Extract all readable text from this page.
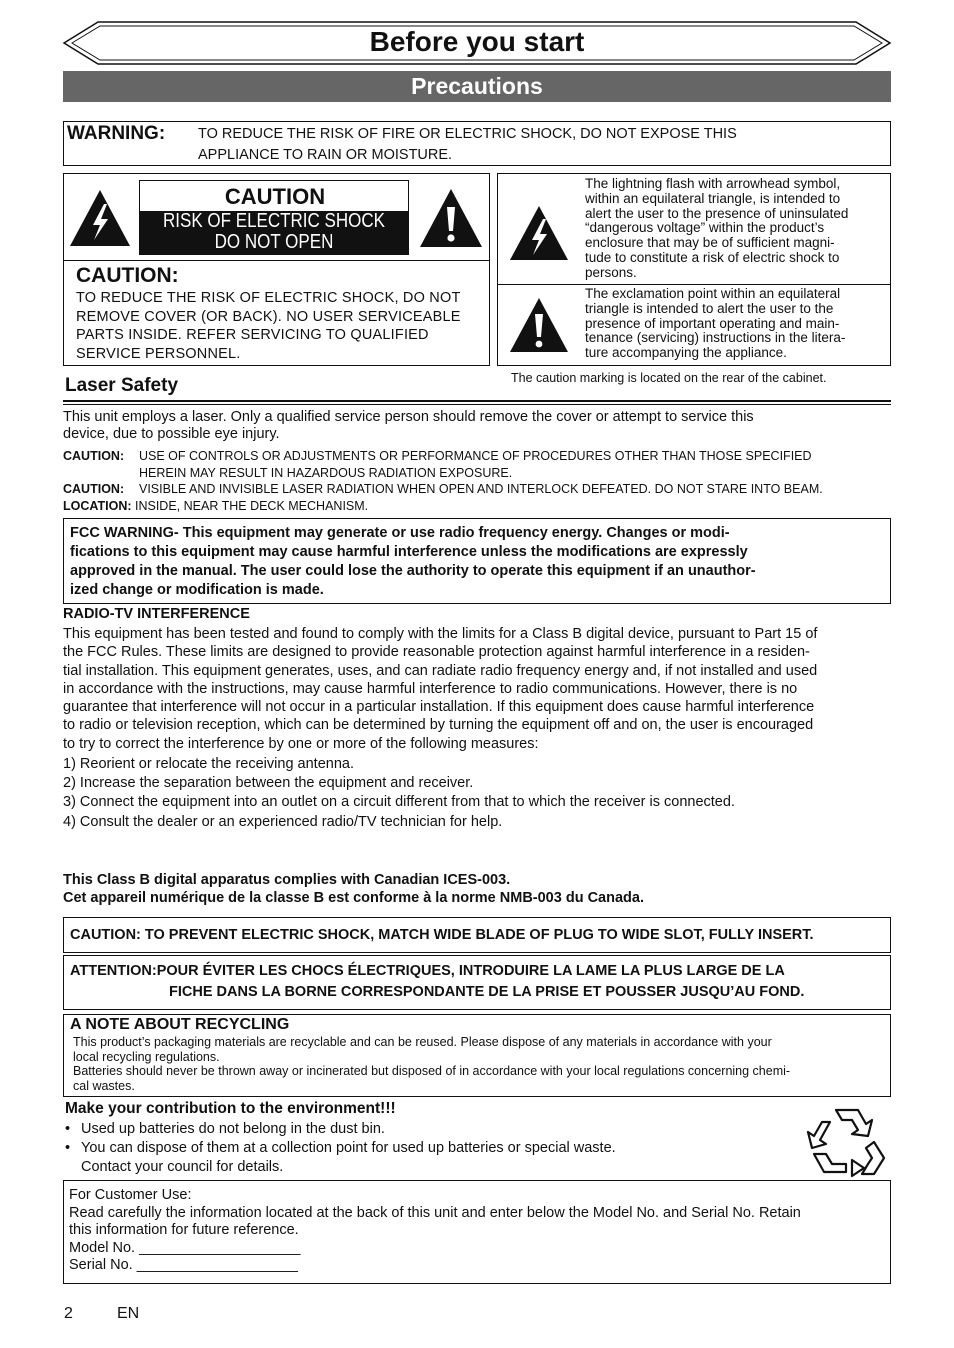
Before you start
Precautions
WARNING: TO REDUCE THE RISK OF FIRE OR ELECTRIC SHOCK, DO NOT EXPOSE THIS
APPLIANCE TO RAIN OR MOISTURE.
CAUTION
RISK OF ELECTRIC SHOCK
DO NOT OPEN
CAUTION:
TO REDUCE THE RISK OF ELECTRIC SHOCK, DO NOT
REMOVE COVER (OR BACK). NO USER SERVICEABLE
PARTS INSIDE. REFER SERVICING TO QUALIFIED
SERVICE PERSONNEL.
The lightning flash with arrowhead symbol,
within an equilateral triangle, is intended to
alert the user to the presence of uninsulated
“dangerous voltage” within the product’s
enclosure that may be of sufficient magni-
tude to constitute a risk of electric shock to
persons.
The exclamation point within an equilateral
triangle is intended to alert the user to the
presence of important operating and main-
tenance (servicing) instructions in the litera-
ture accompanying the appliance.
Laser Safety	The caution marking is located on the rear of the cabinet.
This unit employs a laser. Only a qualified service person should remove the cover or attempt to service this
device, due to possible eye injury.
CAUTION: USE OF CONTROLS OR ADJUSTMENTS OR PERFORMANCE OF PROCEDURES OTHER THAN THOSE SPECIFIED
HEREIN MAY RESULT IN HAZARDOUS RADIATION EXPOSURE.
CAUTION: VISIBLE AND INVISIBLE LASER RADIATION WHEN OPEN AND INTERLOCK DEFEATED. DO NOT STARE INTO BEAM.
LOCATION: INSIDE, NEAR THE DECK MECHANISM.
FCC WARNING- This equipment may generate or use radio frequency energy. Changes or modi-
fications to this equipment may cause harmful interference unless the modifications are expressly
approved in the manual. The user could lose the authority to operate this equipment if an unauthor-
ized change or modification is made.
RADIO-TV INTERFERENCE
This equipment has been tested and found to comply with the limits for a Class B digital device, pursuant to Part 15 of
the FCC Rules. These limits are designed to provide reasonable protection against harmful interference in a residen-
tial installation. This equipment generates, uses, and can radiate radio frequency energy and, if not installed and used
in accordance with the instructions, may cause harmful interference to radio communications. However, there is no
guarantee that interference will not occur in a particular installation. If this equipment does cause harmful interference
to radio or television reception, which can be determined by turning the equipment off and on, the user is encouraged
to try to correct the interference by one or more of the following measures:
1) Reorient or relocate the receiving antenna.
2) Increase the separation between the equipment and receiver.
3) Connect the equipment into an outlet on a circuit different from that to which the receiver is connected.
4) Consult the dealer or an experienced radio/TV technician for help.
This Class B digital apparatus complies with Canadian ICES-003.
Cet appareil numérique de la classe B est conforme à la norme NMB-003 du Canada.
CAUTION: TO PREVENT ELECTRIC SHOCK, MATCH WIDE BLADE OF PLUG TO WIDE SLOT, FULLY INSERT.
ATTENTION:POUR ÉVITER LES CHOCS ÉLECTRIQUES, INTRODUIRE LA LAME LA PLUS LARGE DE LA
FICHE DANS LA BORNE CORRESPONDANTE DE LA PRISE ET POUSSER JUSQU’AU FOND.
A NOTE ABOUT RECYCLING
This product’s packaging materials are recyclable and can be reused. Please dispose of any materials in accordance with your
local recycling regulations.
Batteries should never be thrown away or incinerated but disposed of in accordance with your local regulations concerning chemi-
cal wastes.
Make your contribution to the environment!!!
• Used up batteries do not belong in the dust bin.
• You can dispose of them at a collection point for used up batteries or special waste.
Contact your council for details.
For Customer Use:
Read carefully the information located at the back of this unit and enter below the Model No. and Serial No. Retain
this information for future reference.
Model No. ____________________
Serial No. ____________________
2	EN
